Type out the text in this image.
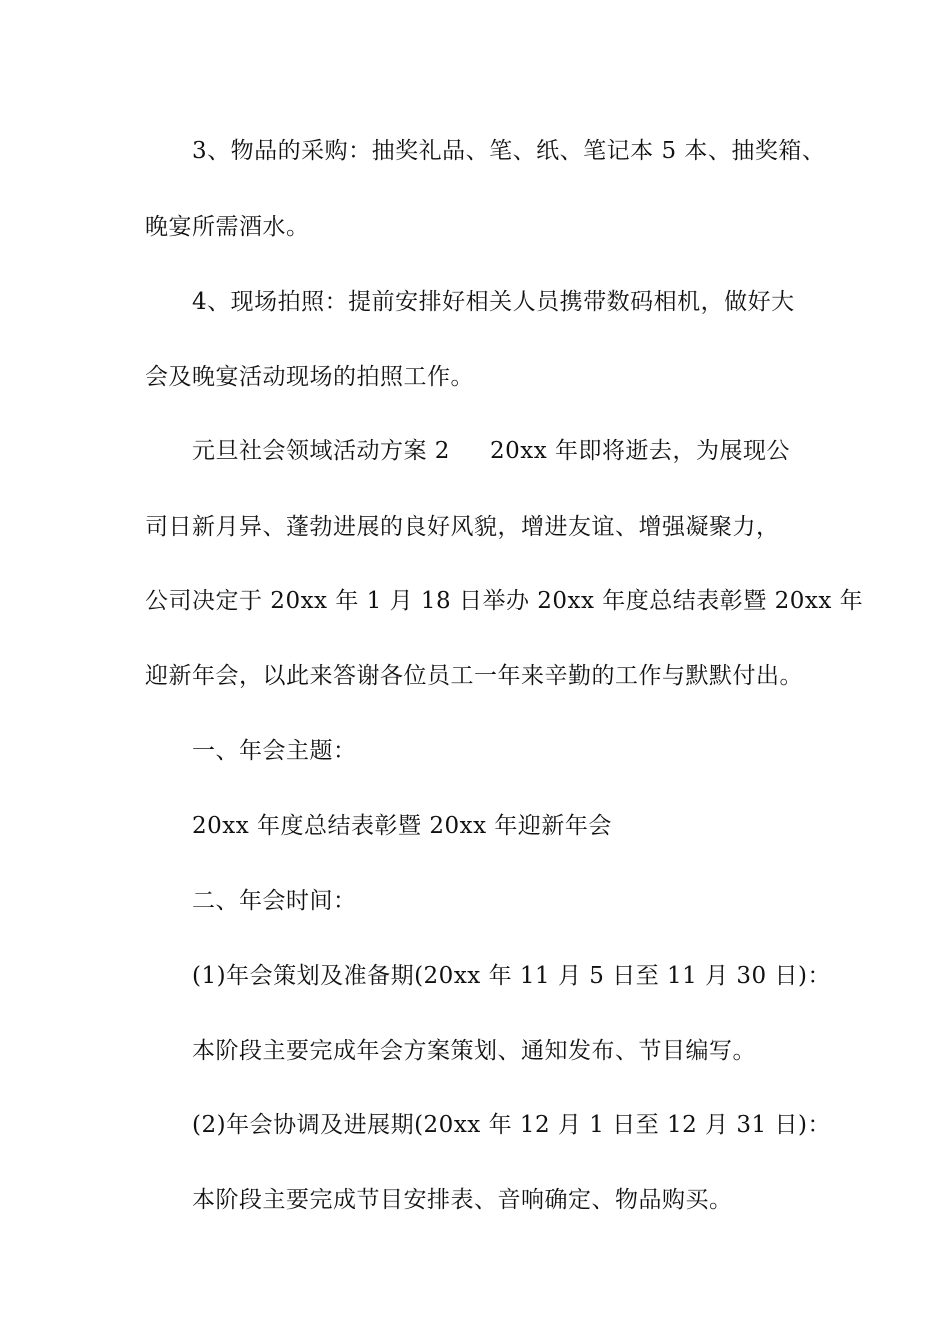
3、物品的采购：抽奖礼品、笔、纸、笔记本 5 本、抽奖箱、
晚宴所需酒水。
4、现场拍照：提前安排好相关人员携带数码相机，做好大
会及晚宴活动现场的拍照工作。
元旦社会领域活动方案 2 20xx 年即将逝去，为展现公
司日新月异、蓬勃进展的良好风貌，增进友谊、增强凝聚力，
公司决定于 20xx 年 1 月 18 日举办 20xx 年度总结表彰暨 20xx 年
迎新年会，以此来答谢各位员工一年来辛勤的工作与默默付出。
一、年会主题：
20xx 年度总结表彰暨 20xx 年迎新年会
二、年会时间：
(1)年会策划及准备期(20xx 年 11 月 5 日至 11 月 30 日)：
本阶段主要完成年会方案策划、通知发布、节目编写。
(2)年会协调及进展期(20xx 年 12 月 1 日至 12 月 31 日)：
本阶段主要完成节目安排表、音响确定、物品购买。
